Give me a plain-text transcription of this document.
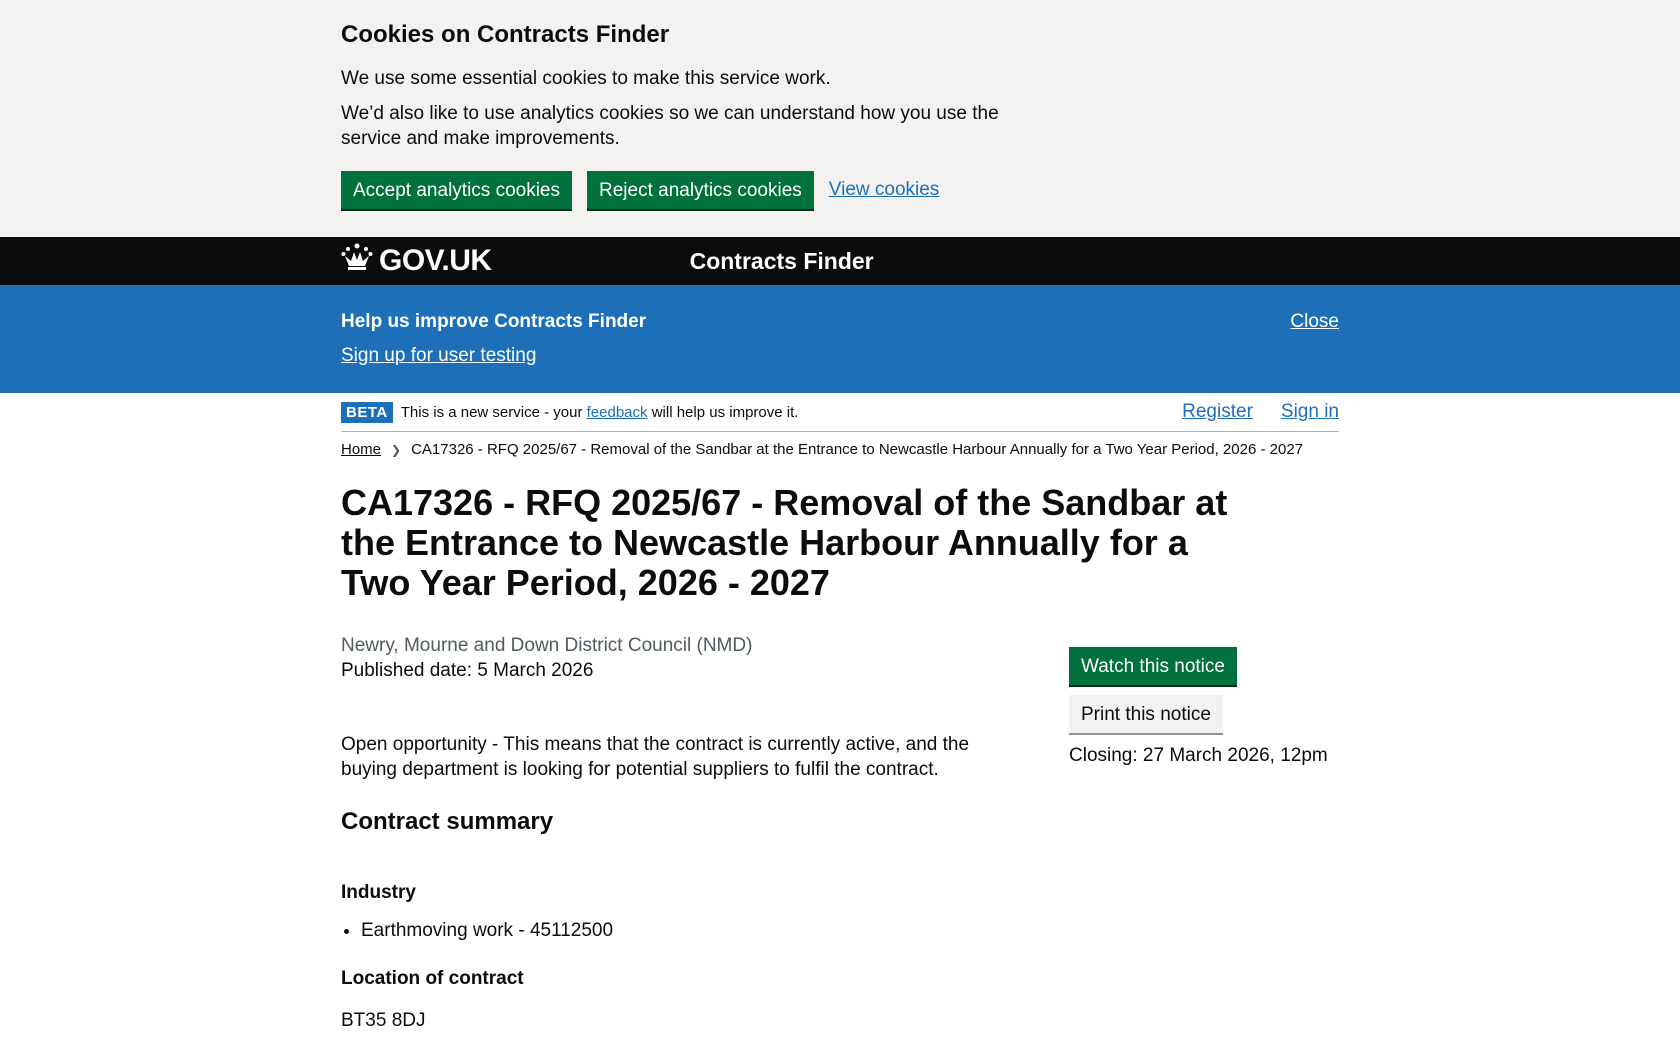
Cookies on Contracts Finder

We use some essential cookies to make this service work.

We’d also like to use analytics cookies so we can understand how you use the service and make improvements.

Accept analytics cookies	Reject analytics cookies	View cookies
GOV.UK	Contracts Finder
Help us improve Contracts Finder
Sign up for user testing
Close
BETA This is a new service - your feedback will help us improve it.	Register Sign in
Home ❯ CA17326 - RFQ 2025/67 - Removal of the Sandbar at the Entrance to Newcastle Harbour Annually for a Two Year Period, 2026 - 2027
CA17326 - RFQ 2025/67 - Removal of the Sandbar at the Entrance to Newcastle Harbour Annually for a Two Year Period, 2026 - 2027
Newry, Mourne and Down District Council (NMD)
Published date: 5 March 2026
Open opportunity - This means that the contract is currently active, and the buying department is looking for potential suppliers to fulfil the contract.
Contract summary
Industry
• Earthmoving work - 45112500
Location of contract
BT35 8DJ
Watch this notice
Print this notice
Closing: 27 March 2026, 12pm
